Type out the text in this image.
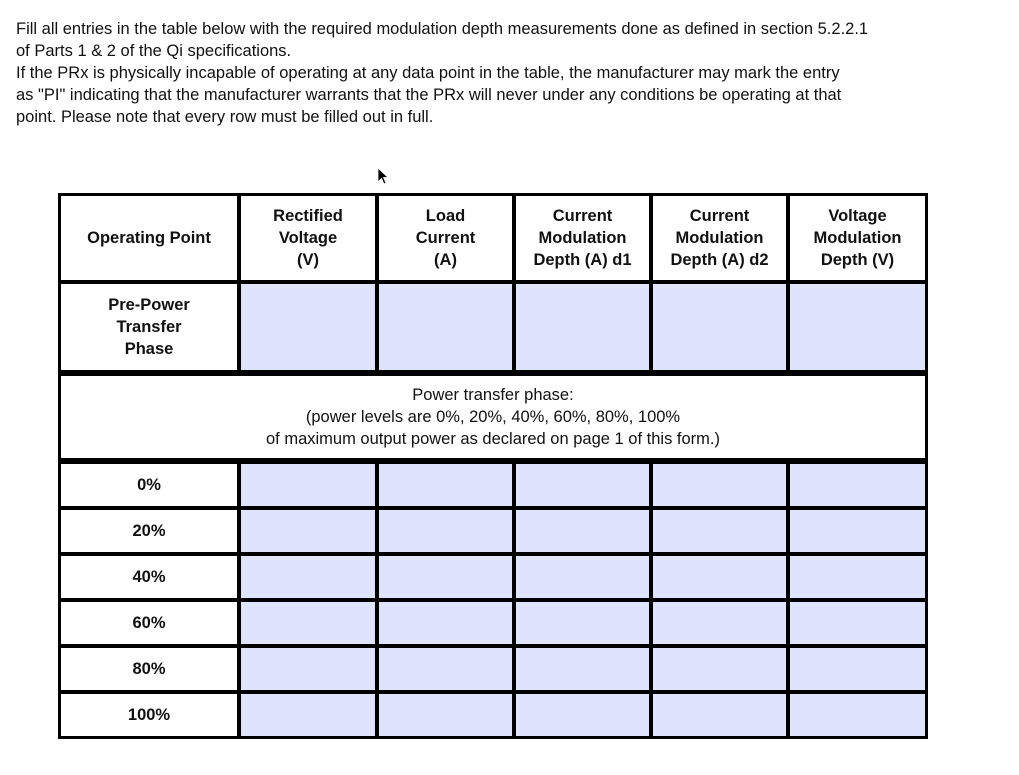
Fill all entries in the table below with the required modulation depth measurements done as defined in section 5.2.2.1

of Parts 1 & 2 of the Qi specifications.

If the PRx is physically incapable of operating at any data point in the table, the manufacturer may mark the entry

as "PI" indicating that the manufacturer warrants that the PRx will never under any conditions be operating at that

point. Please note that every row must be filled out in full.

Operating Point	Rectified
Voltage
(V)	Load
Current
(A)	Current
Modulation
Depth (A) d1	Current
Modulation
Depth (A) d2	Voltage
Modulation
Depth (V)

Pre-Power
Transfer
Phase					

Power transfer phase:
(power levels are 0%, 20%, 40%, 60%, 80%, 100%
of maximum output power as declared on page 1 of this form.)					

0%					
20%					
40%					
60%					
80%					
100%					
